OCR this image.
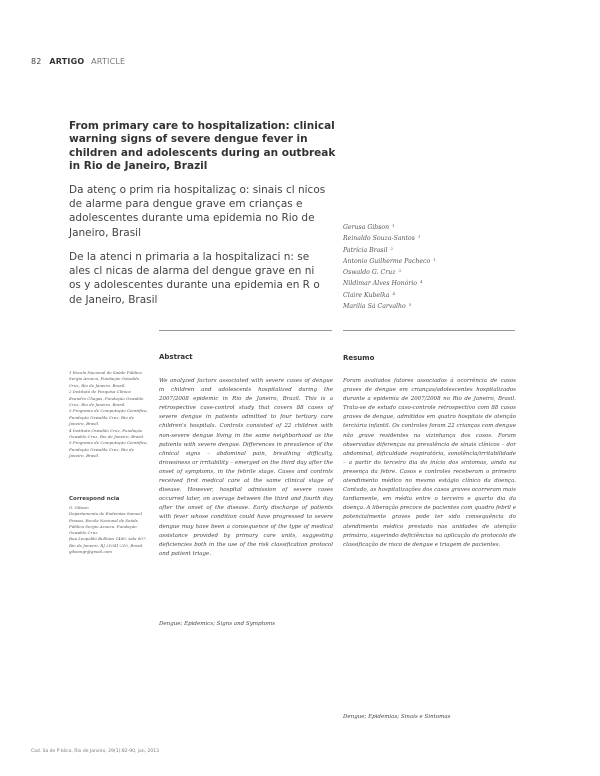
82 ARTIGO ARTICLE
From primary care to hospitalization: clinical warning signs of severe dengue fever in children and adolescents during an outbreak in Rio de Janeiro, Brazil
Da atenç o prim ria hospitalizaç o: sinais cl nicos de alarme para dengue grave em crianças e adolescentes durante uma epidemia no Rio de Janeiro, Brasil
De la atenci n primaria a la hospitalizaci n: se ales cl nicas de alarma del dengue grave en ni os y adolescentes durante una epidemia en R o de Janeiro, Brasil
Gerusa Gibson $^1$
Reinaldo Souza-Santos $^1$
Patrícia Brasil $^2$
Antonio Guilherme Pacheco $^1$
Oswaldo G. Cruz $^3$
Nildimar Alves Honório $^4$
Claire Kubelka $^4$
Marilia Sá Carvalho $^5$
Abstract	Resumo
We analyzed factors associated with severe cases of dengue in children and adolescents hospitalized during the 2007/2008 epidemic in Rio de Janeiro, Brazil. This is a retrospective case-control study that covers 88 cases of severe dengue in patients admitted to four tertiary care children's hospitals. Controls consisted of 22 children with non-severe dengue living in the same neighborhood as the patients with severe dengue. Differences in prevalence of the clinical signs – abdominal pain, breathing difficulty, drowsiness or irritability – emerged on the third day after the onset of symptoms, in the febrile stage. Cases and controls received first medical care at the same clinical stage of disease. However, hospital admission of severe cases occurred later, on average between the third and fourth day after the onset of the disease. Early discharge of patients with fever whose condition could have progressed to severe dengue may have been a consequence of the type of medical assistance provided by primary care units, suggesting deficiencies both in the use of the risk classification protocol and patient triage.
Foram avaliados fatores associados à ocorrência de casos graves de dengue em crianças/adolescentes hospitalizados durante a epidemia de 2007/2008 no Rio de Janeiro, Brasil. Trata-se de estudo caso-controle retrospectivo com 88 casos graves de dengue, admitidos em quatro hospitais de atenção terciária infantil. Os controles foram 22 crianças com dengue não grave residentes na vizinhança dos casos. Foram observadas diferenças na prevalência de sinais clínicos – dor abdominal, dificuldade respiratória, sonolência/irritabilidade – a partir do terceiro dia do início dos sintomas, ainda na presença da febre. Casos e controles receberam o primeiro atendimento médico no mesmo estágio clínico da doença. Contudo, as hospitalizações dos casos graves ocorreram mais tardiamente, em média entre o terceiro e quarto dia da doença. A liberação precoce de pacientes com quadro febril e potencialmente graves pode ter sido consequência do atendimento médico prestado nas unidades de atenção primária, sugerindo deficiências na aplicação do protocolo de classificação de risco de dengue e triagem de pacientes.
Dengue; Epidemics; Signs and Symptoms
Dengue; Epidemias; Sinais e Sintomas

1 Escola Nacional de Saúde Pública Sergio Arouca, Fundação Oswaldo Cruz, Rio de Janeiro, Brasil.

2 Instituto de Pesquisa Clínica Evandro Chagas, Fundação Oswaldo Cruz, Rio de Janeiro, Brasil.

3 Programa de Computação Científica, Fundação Oswaldo Cruz, Rio de Janeiro, Brasil.

4 Instituto Oswaldo Cruz, Fundação Oswaldo Cruz, Rio de Janeiro, Brasil.

5 Programa de Computação Científica, Fundação Oswaldo Cruz, Rio de Janeiro, Brasil.

Correspond ncia

G. Gibson

Departamento de Endemias Samuel Pessoa, Escola Nacional de Saúde Pública Sergio Arouca, Fundação Oswaldo Cruz.

Rua Leopoldo Bulhões 1480, sala 607, Rio de Janeiro, RJ 21041-210, Brasil.

gibsongr@gmail.com

Cad. Sa de P blica, Rio de Janeiro, 29(1):82-90, jan, 2013
